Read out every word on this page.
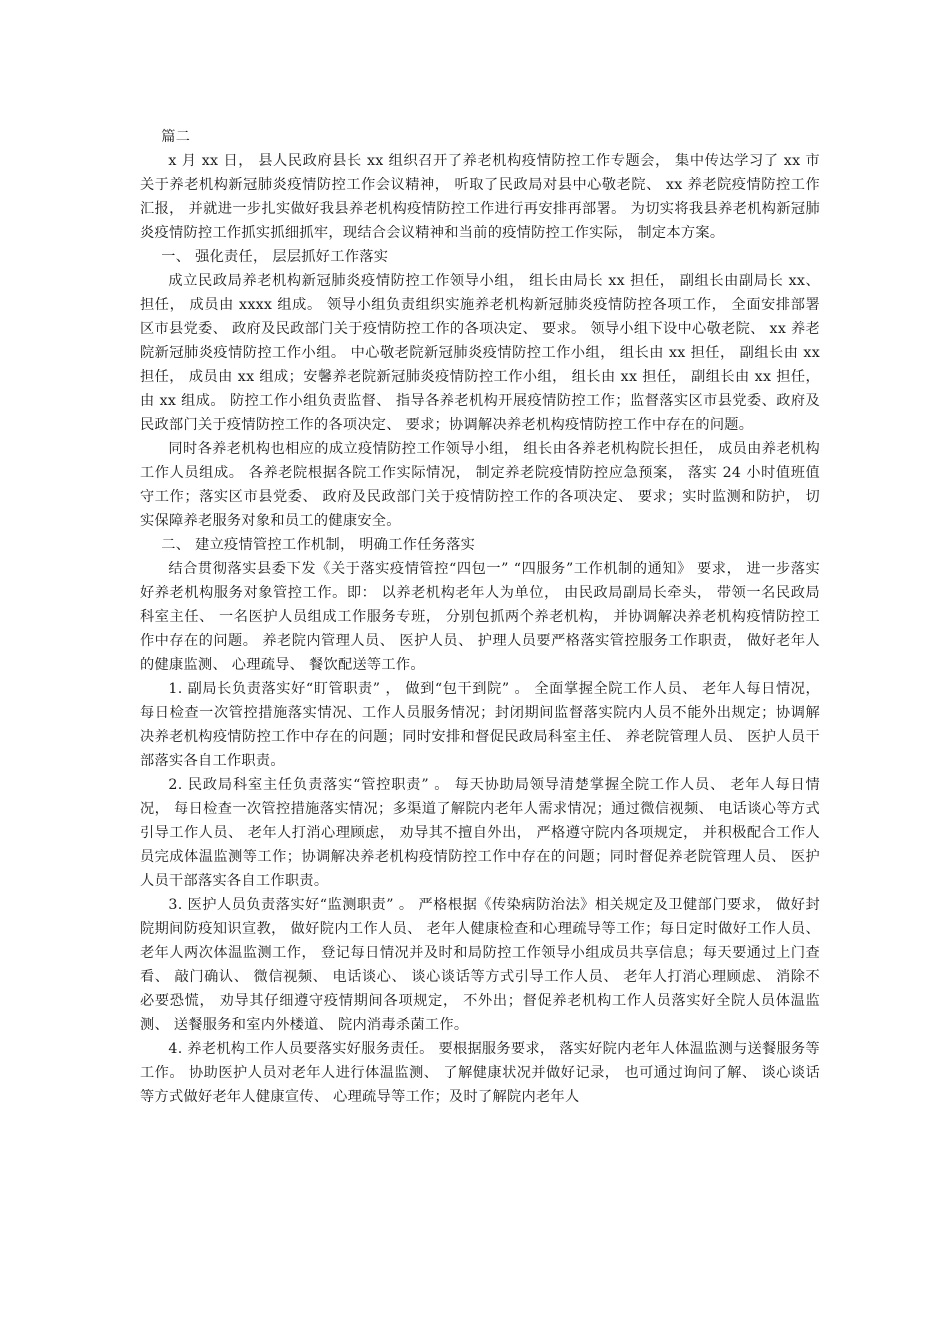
篇二

x 月 xx 日， 县人民政府县长 xx 组织召开了养老机构疫情防控工作专题会， 集中传达学习了 xx 市关于养老机构新冠肺炎疫情防控工作会议精神， 听取了民政局对县中心敬老院、 xx 养老院疫情防控工作汇报， 并就进一步扎实做好我县养老机构疫情防控工作进行再安排再部署。 为切实将我县养老机构新冠肺炎疫情防控工作抓实抓细抓牢，现结合会议精神和当前的疫情防控工作实际， 制定本方案。

一、 强化责任， 层层抓好工作落实

成立民政局养老机构新冠肺炎疫情防控工作领导小组， 组长由局长 xx 担任， 副组长由副局长 xx、 担任， 成员由 xxxx 组成。 领导小组负责组织实施养老机构新冠肺炎疫情防控各项工作， 全面安排部署区市县党委、 政府及民政部门关于疫情防控工作的各项决定、 要求。 领导小组下设中心敬老院、 xx 养老院新冠肺炎疫情防控工作小组。 中心敬老院新冠肺炎疫情防控工作小组， 组长由 xx 担任， 副组长由 xx 担任， 成员由 xx 组成；安馨养老院新冠肺炎疫情防控工作小组， 组长由 xx 担任， 副组长由 xx 担任， 由 xx 组成。 防控工作小组负责监督、 指导各养老机构开展疫情防控工作；监督落实区市县党委、政府及民政部门关于疫情防控工作的各项决定、 要求；协调解决养老机构疫情防控工作中存在的问题。

同时各养老机构也相应的成立疫情防控工作领导小组， 组长由各养老机构院长担任， 成员由养老机构工作人员组成。 各养老院根据各院工作实际情况， 制定养老院疫情防控应急预案， 落实 24 小时值班值守工作；落实区市县党委、 政府及民政部门关于疫情防控工作的各项决定、 要求；实时监测和防护， 切实保障养老服务对象和员工的健康安全。

二、 建立疫情管控工作机制， 明确工作任务落实

结合贯彻落实县委下发《关于落实疫情管控“四包一” “四服务”工作机制的通知》 要求， 进一步落实好养老机构服务对象管控工作。即： 以养老机构老年人为单位， 由民政局副局长牵头， 带领一名民政局科室主任、 一名医护人员组成工作服务专班， 分别包抓两个养老机构， 并协调解决养老机构疫情防控工作中存在的问题。 养老院内管理人员、 医护人员、 护理人员要严格落实管控服务工作职责， 做好老年人的健康监测、 心理疏导、 餐饮配送等工作。

1. 副局长负责落实好“盯管职责” ， 做到“包干到院” 。 全面掌握全院工作人员、 老年人每日情况， 每日检查一次管控措施落实情况、工作人员服务情况；封闭期间监督落实院内人员不能外出规定；协调解决养老机构疫情防控工作中存在的问题；同时安排和督促民政局科室主任、 养老院管理人员、 医护人员干部落实各自工作职责。

2. 民政局科室主任负责落实“管控职责” 。 每天协助局领导清楚掌握全院工作人员、 老年人每日情况， 每日检查一次管控措施落实情况；多渠道了解院内老年人需求情况；通过微信视频、 电话谈心等方式引导工作人员、 老年人打消心理顾虑， 劝导其不擅自外出， 严格遵守院内各项规定， 并积极配合工作人员完成体温监测等工作；协调解决养老机构疫情防控工作中存在的问题；同时督促养老院管理人员、 医护人员干部落实各自工作职责。

3. 医护人员负责落实好“监测职责” 。 严格根据《传染病防治法》相关规定及卫健部门要求， 做好封院期间防疫知识宣教， 做好院内工作人员、 老年人健康检查和心理疏导等工作；每日定时做好工作人员、老年人两次体温监测工作， 登记每日情况并及时和局防控工作领导小组成员共享信息；每天要通过上门查看、 敲门确认、 微信视频、 电话谈心、 谈心谈话等方式引导工作人员、 老年人打消心理顾虑、 消除不必要恐慌， 劝导其仔细遵守疫情期间各项规定， 不外出；督促养老机构工作人员落实好全院人员体温监测、 送餐服务和室内外楼道、 院内消毒杀菌工作。

4. 养老机构工作人员要落实好服务责任。 要根据服务要求， 落实好院内老年人体温监测与送餐服务等工作。 协助医护人员对老年人进行体温监测、 了解健康状况并做好记录， 也可通过询问了解、 谈心谈话等方式做好老年人健康宣传、 心理疏导等工作；及时了解院内老年人
